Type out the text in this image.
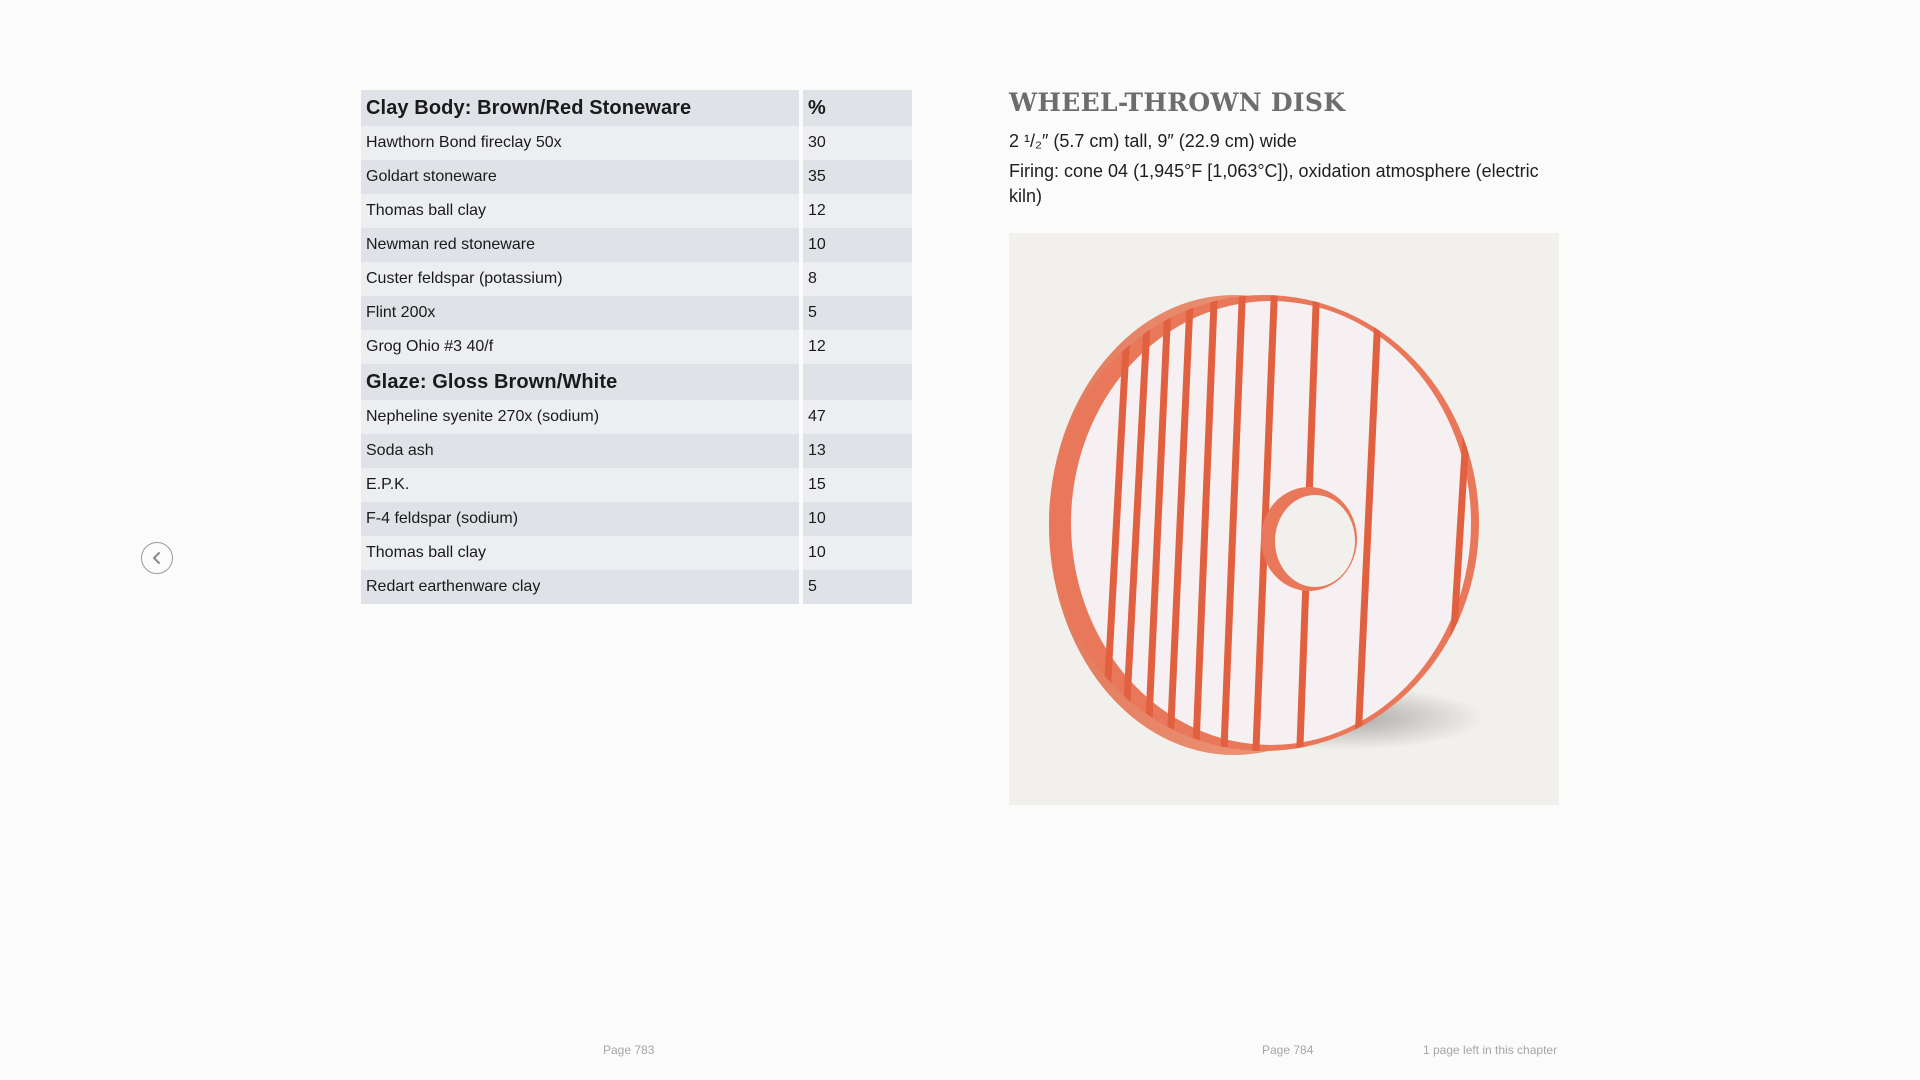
Clay Body: Brown/Red Stoneware	%
Hawthorn Bond fireclay 50x	30
Goldart stoneware	35
Thomas ball clay	12
Newman red stoneware	10
Custer feldspar (potassium)	8
Flint 200x	5
Grog Ohio #3 40/f	12
Glaze: Gloss Brown/White
Nepheline syenite 270x (sodium)	47
Soda ash	13
E.P.K.	15
F-4 feldspar (sodium)	10
Thomas ball clay	10
Redart earthenware clay	5
WHEEL-THROWN DISK

2 ¹/₂″ (5.7 cm) tall, 9″ (22.9 cm) wide

Firing: cone 04 (1,945°F [1,063°C]), oxidation atmosphere (electric kiln)

Page 783	Page 784	1 page left in this chapter
